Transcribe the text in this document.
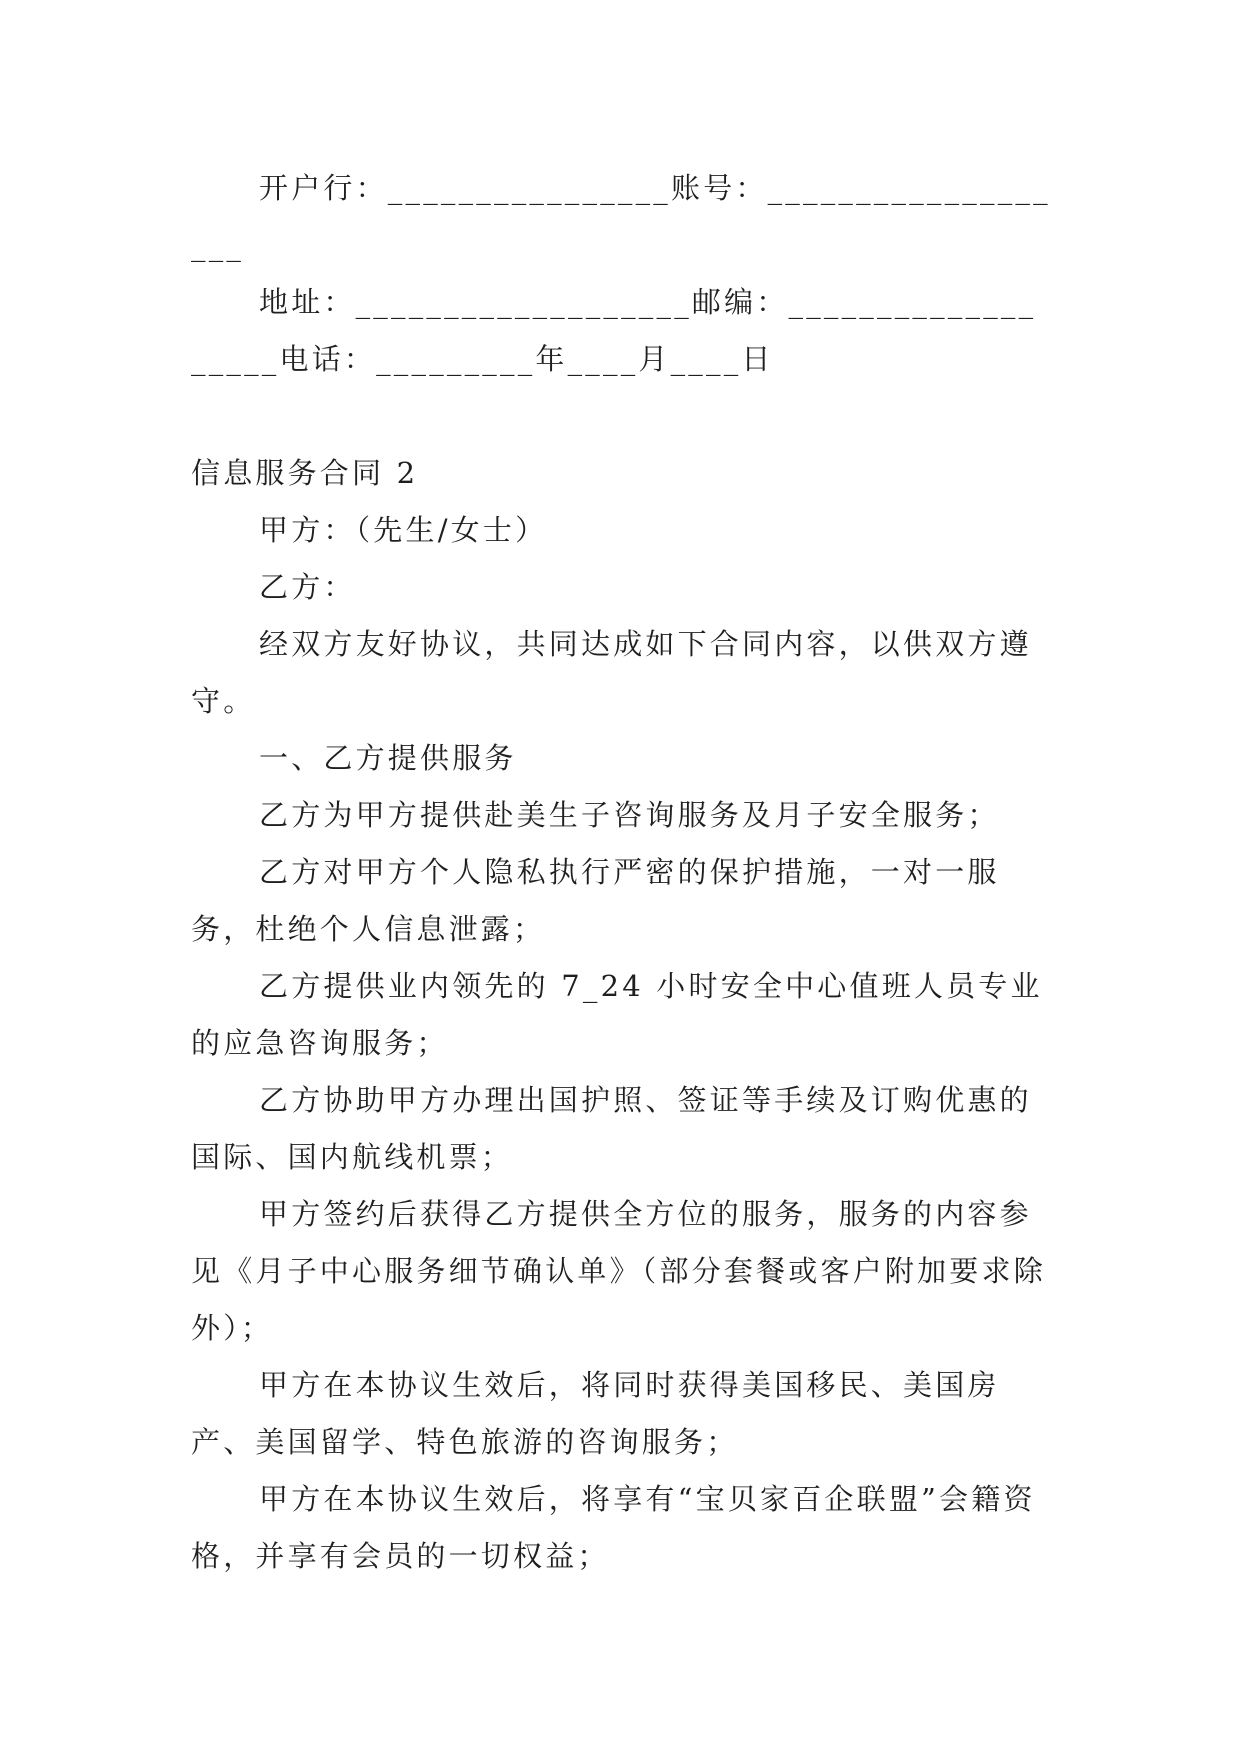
开户行：________________账号：___________________

地址：___________________邮编：___________________电话：_________年____月____日

信息服务合同 2

甲方：（先生/女士）

乙方：

经双方友好协议，共同达成如下合同内容，以供双方遵守。

一、乙方提供服务

乙方为甲方提供赴美生子咨询服务及月子安全服务；

乙方对甲方个人隐私执行严密的保护措施，一对一服务，杜绝个人信息泄露；

乙方提供业内领先的 7_24 小时安全中心值班人员专业的应急咨询服务；

乙方协助甲方办理出国护照、签证等手续及订购优惠的国际、国内航线机票；

甲方签约后获得乙方提供全方位的服务，服务的内容参见《月子中心服务细节确认单》（部分套餐或客户附加要求除外）；

甲方在本协议生效后，将同时获得美国移民、美国房产、美国留学、特色旅游的咨询服务；

甲方在本协议生效后，将享有“宝贝家百企联盟”会籍资格，并享有会员的一切权益；
